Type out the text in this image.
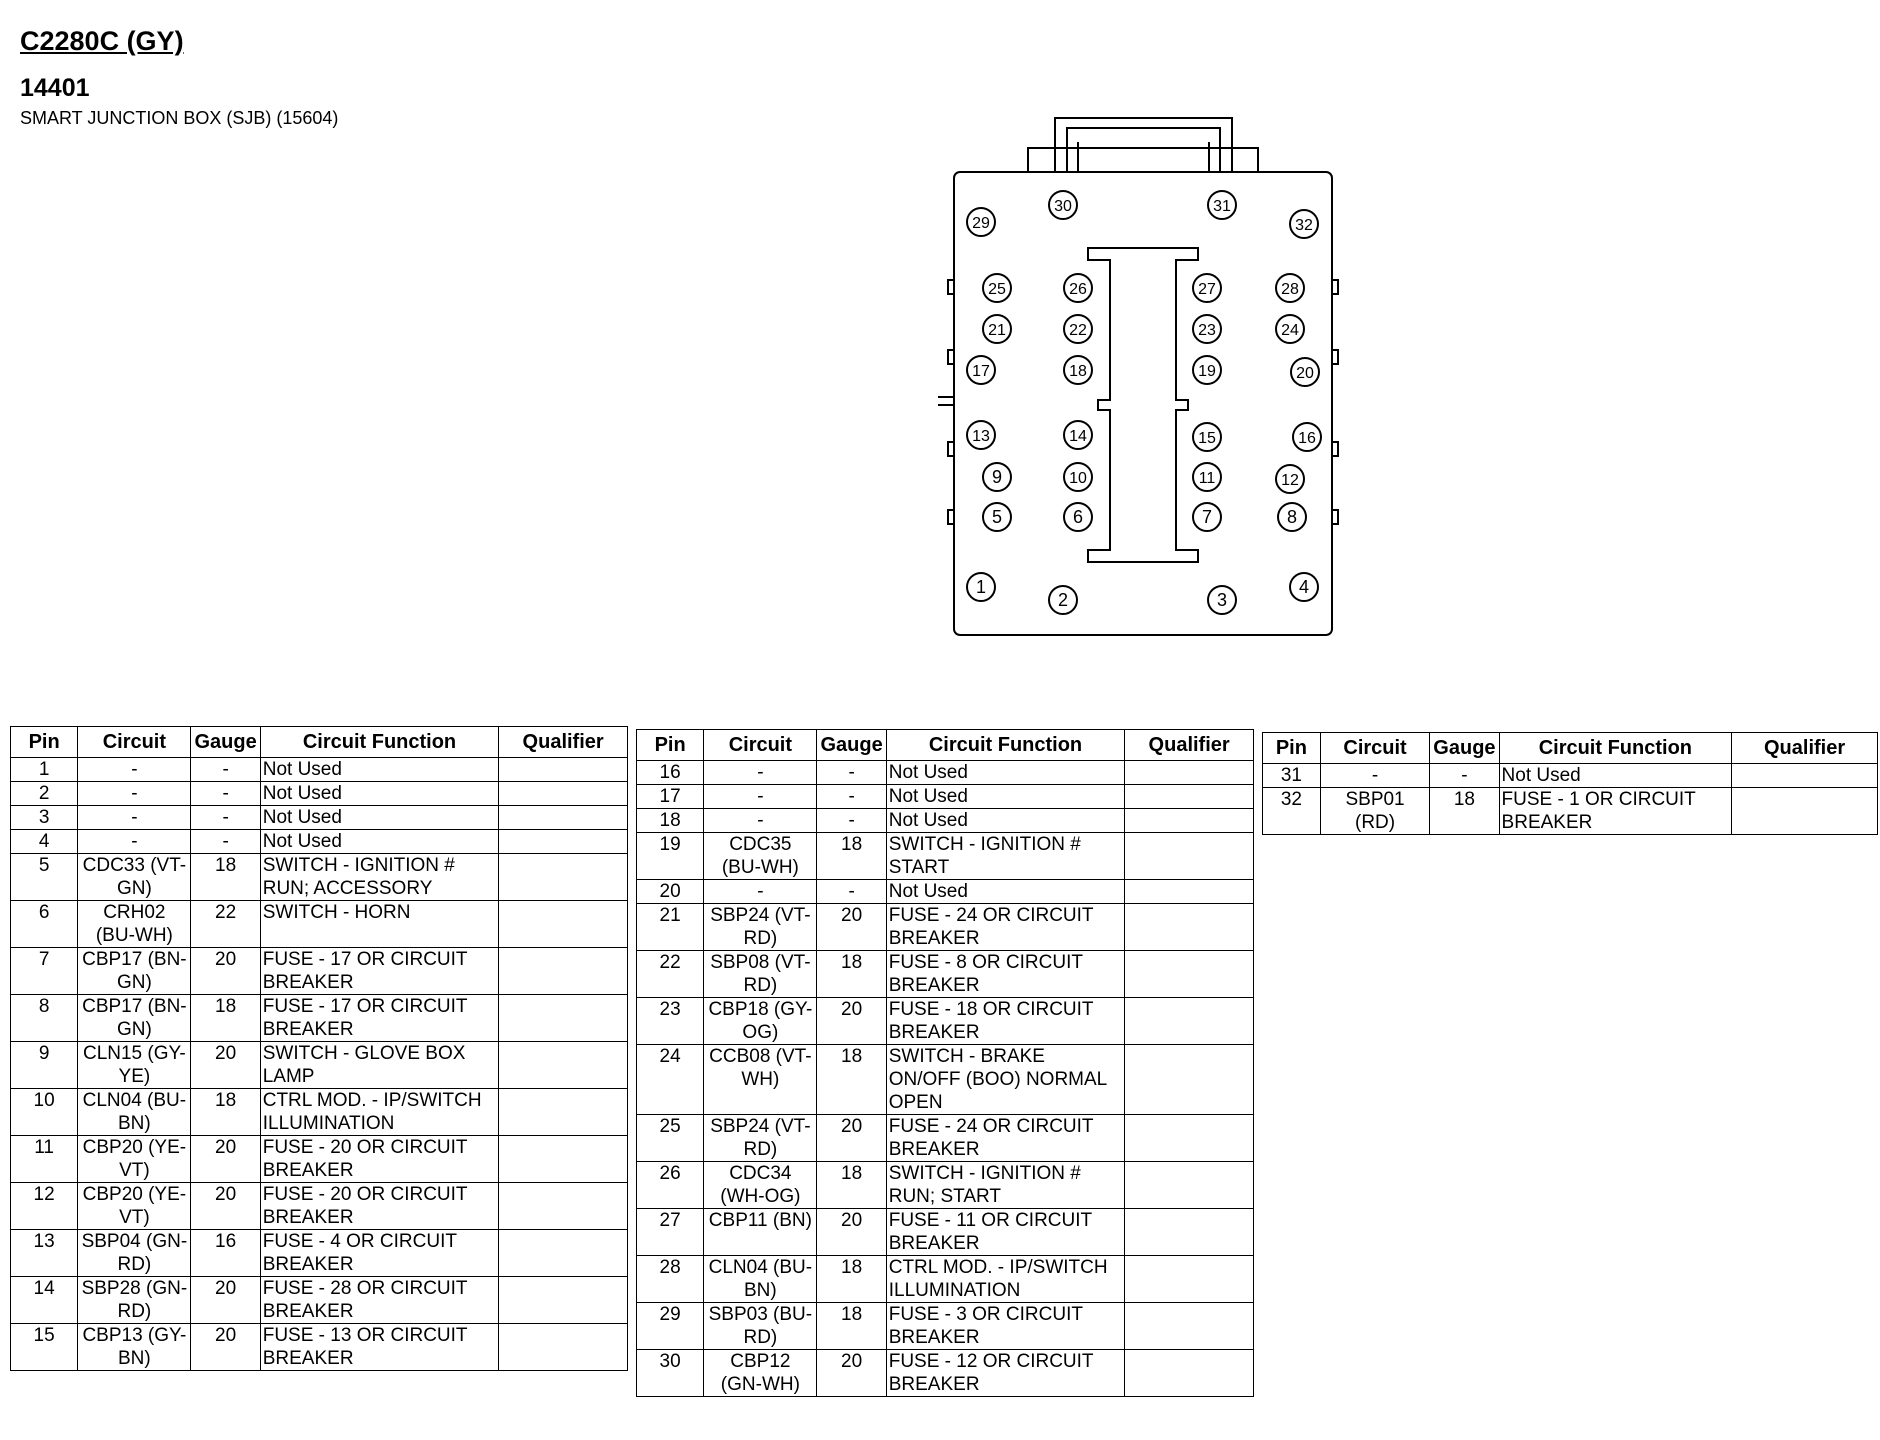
C2280C (GY)
14401
SMART JUNCTION BOX (SJB) (15604)
1
2	3
4
5	6	7	8
9	10	11	12
13	14	15	16
17	18	19	20
21	22	23	24
25	26	27	28
29
30	31
32
Pin	Circuit	Gauge	Circuit Function	Qualifier
1	-	-	Not Used	
2	-	-	Not Used	
3	-	-	Not Used	
4	-	-	Not Used	
5	CDC33 (VT-GN)	18	SWITCH - IGNITION # RUN; ACCESSORY	
6	CRH02 (BU-WH)	22	SWITCH - HORN	
7	CBP17 (BN-GN)	20	FUSE - 17 OR CIRCUIT BREAKER	
8	CBP17 (BN-GN)	18	FUSE - 17 OR CIRCUIT BREAKER	
9	CLN15 (GY-YE)	20	SWITCH - GLOVE BOX LAMP	
10	CLN04 (BU-BN)	18	CTRL MOD. - IP/SWITCH ILLUMINATION	
11	CBP20 (YE-VT)	20	FUSE - 20 OR CIRCUIT BREAKER	
12	CBP20 (YE-VT)	20	FUSE - 20 OR CIRCUIT BREAKER	
13	SBP04 (GN-RD)	16	FUSE - 4 OR CIRCUIT BREAKER	
14	SBP28 (GN-RD)	20	FUSE - 28 OR CIRCUIT BREAKER	
15	CBP13 (GY-BN)	20	FUSE - 13 OR CIRCUIT BREAKER	
Pin	Circuit	Gauge	Circuit Function	Qualifier
16	-	-	Not Used	
17	-	-	Not Used	
18	-	-	Not Used	
19	CDC35 (BU-WH)	18	SWITCH - IGNITION # START	
20	-	-	Not Used	
21	SBP24 (VT-RD)	20	FUSE - 24 OR CIRCUIT BREAKER	
22	SBP08 (VT-RD)	18	FUSE - 8 OR CIRCUIT BREAKER	
23	CBP18 (GY-OG)	20	FUSE - 18 OR CIRCUIT BREAKER	
24	CCB08 (VT-WH)	18	SWITCH - BRAKE ON/OFF (BOO) NORMAL OPEN	
25	SBP24 (VT-RD)	20	FUSE - 24 OR CIRCUIT BREAKER	
26	CDC34 (WH-OG)	18	SWITCH - IGNITION # RUN; START	
27	CBP11 (BN)	20	FUSE - 11 OR CIRCUIT BREAKER	
28	CLN04 (BU-BN)	18	CTRL MOD. - IP/SWITCH ILLUMINATION	
29	SBP03 (BU-RD)	18	FUSE - 3 OR CIRCUIT BREAKER	
30	CBP12 (GN-WH)	20	FUSE - 12 OR CIRCUIT BREAKER	
Pin	Circuit	Gauge	Circuit Function	Qualifier
31	-	-	Not Used	
32	SBP01 (RD)	18	FUSE - 1 OR CIRCUIT BREAKER	
